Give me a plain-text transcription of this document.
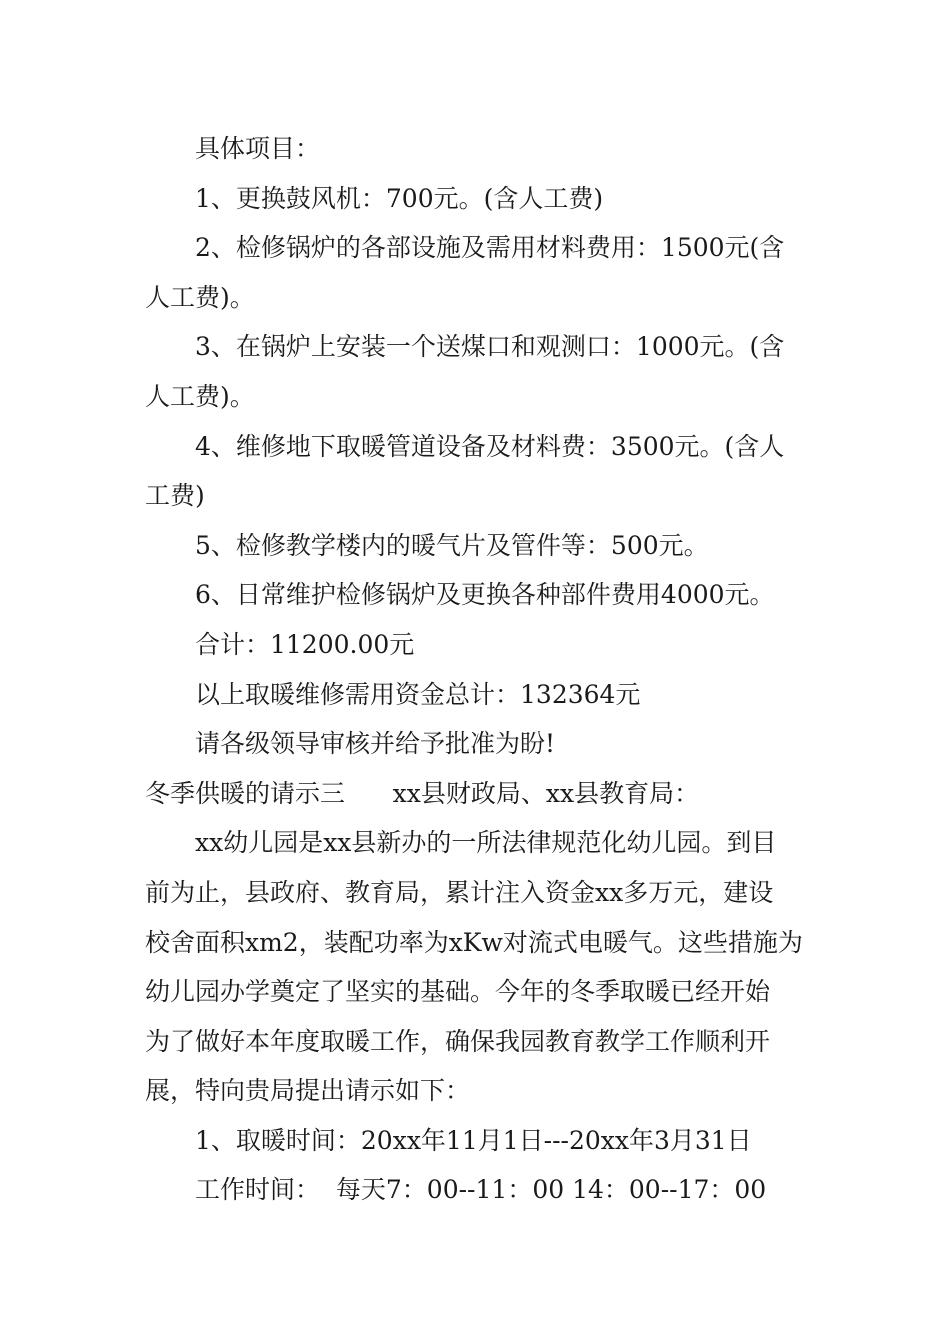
具体项目：
1、更换鼓风机：700元。(含人工费)
2、检修锅炉的各部设施及需用材料费用：1500元(含
人工费)。
3、在锅炉上安装一个送煤口和观测口：1000元。(含
人工费)。
4、维修地下取暖管道设备及材料费：3500元。(含人
工费)
5、检修教学楼内的暖气片及管件等：500元。
6、日常维护检修锅炉及更换各种部件费用4000元。
合计：11200.00元
以上取暖维修需用资金总计：132364元
请各级领导审核并给予批准为盼!
冬季供暖的请示三      xx县财政局、xx县教育局：
xx幼儿园是xx县新办的一所法律规范化幼儿园。到目
前为止，县政府、教育局，累计注入资金xx多万元，建设
校舍面积xm2，装配功率为xKw对流式电暖气。这些措施为
幼儿园办学奠定了坚实的基础。今年的冬季取暖已经开始
为了做好本年度取暖工作，确保我园教育教学工作顺利开
展，特向贵局提出请示如下：
1、取暖时间：20xx年11月1日---20xx年3月31日
工作时间：  每天7：00--11：00 14：00--17：00
